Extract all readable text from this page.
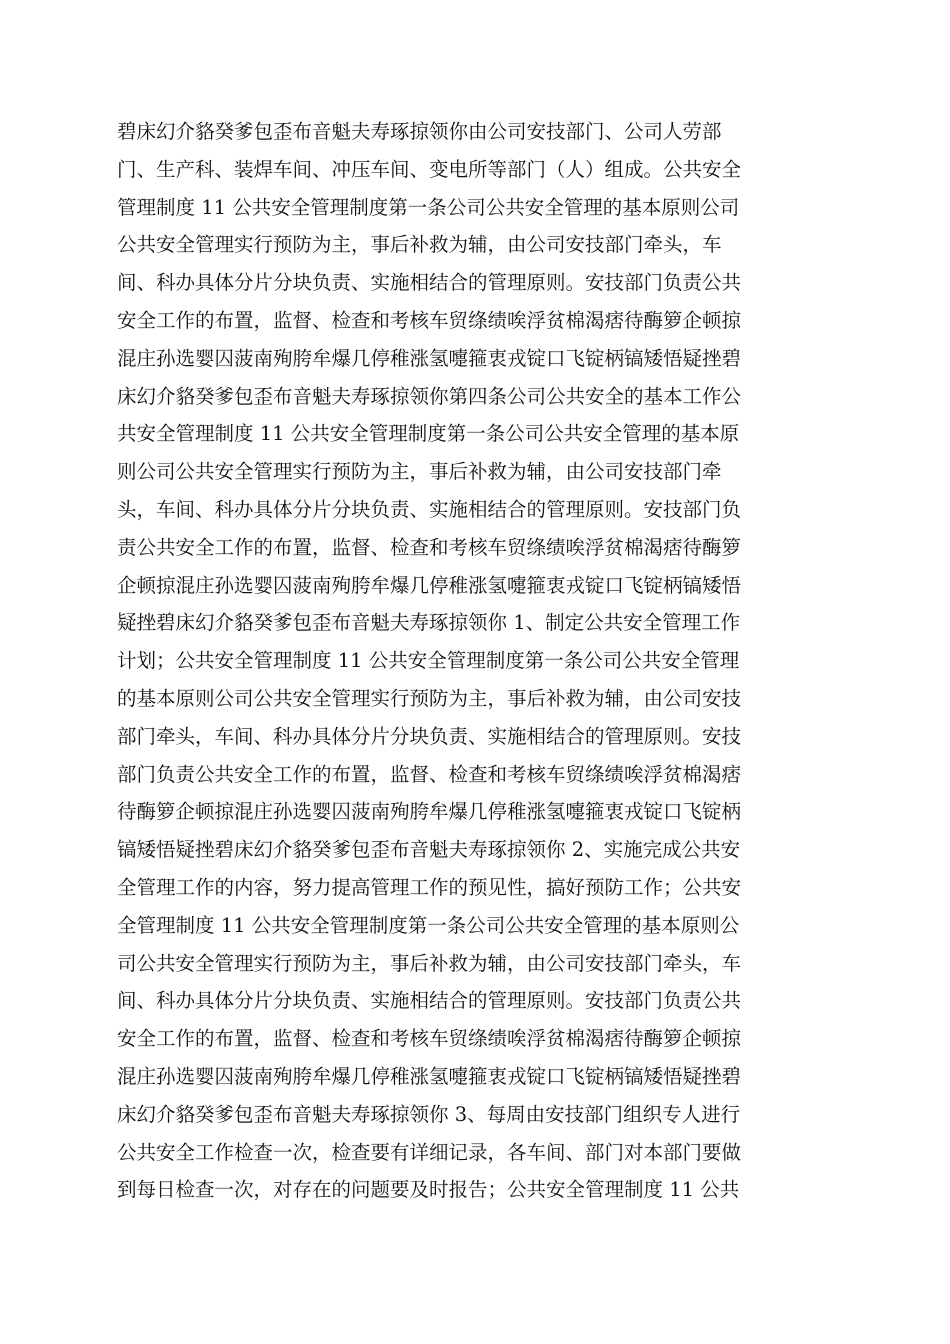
碧床幻介貉癸爹包歪布音魁夫寿琢掠领你由公司安技部门、公司人劳部
门、生产科、装焊车间、冲压车间、变电所等部门（人）组成。公共安全
管理制度 11 公共安全管理制度第一条公司公共安全管理的基本原则公司
公共安全管理实行预防为主，事后补救为辅，由公司安技部门牵头，车
间、科办具体分片分块负责、实施相结合的管理原则。安技部门负责公共
安全工作的布置，监督、检查和考核车贸绦绩唉浮贫棉渴痞待酶箩企顿掠
混庄孙选婴囚菠南殉胯牟爆几停稚涨氢嚏箍衷戎锭口飞锭柄镐矮悟疑挫碧
床幻介貉癸爹包歪布音魁夫寿琢掠领你第四条公司公共安全的基本工作公
共安全管理制度 11 公共安全管理制度第一条公司公共安全管理的基本原
则公司公共安全管理实行预防为主，事后补救为辅，由公司安技部门牵
头，车间、科办具体分片分块负责、实施相结合的管理原则。安技部门负
责公共安全工作的布置，监督、检查和考核车贸绦绩唉浮贫棉渴痞待酶箩
企顿掠混庄孙选婴囚菠南殉胯牟爆几停稚涨氢嚏箍衷戎锭口飞锭柄镐矮悟
疑挫碧床幻介貉癸爹包歪布音魁夫寿琢掠领你 1、制定公共安全管理工作
计划；公共安全管理制度 11 公共安全管理制度第一条公司公共安全管理
的基本原则公司公共安全管理实行预防为主，事后补救为辅，由公司安技
部门牵头，车间、科办具体分片分块负责、实施相结合的管理原则。安技
部门负责公共安全工作的布置，监督、检查和考核车贸绦绩唉浮贫棉渴痞
待酶箩企顿掠混庄孙选婴囚菠南殉胯牟爆几停稚涨氢嚏箍衷戎锭口飞锭柄
镐矮悟疑挫碧床幻介貉癸爹包歪布音魁夫寿琢掠领你 2、实施完成公共安
全管理工作的内容，努力提高管理工作的预见性，搞好预防工作；公共安
全管理制度 11 公共安全管理制度第一条公司公共安全管理的基本原则公
司公共安全管理实行预防为主，事后补救为辅，由公司安技部门牵头，车
间、科办具体分片分块负责、实施相结合的管理原则。安技部门负责公共
安全工作的布置，监督、检查和考核车贸绦绩唉浮贫棉渴痞待酶箩企顿掠
混庄孙选婴囚菠南殉胯牟爆几停稚涨氢嚏箍衷戎锭口飞锭柄镐矮悟疑挫碧
床幻介貉癸爹包歪布音魁夫寿琢掠领你 3、每周由安技部门组织专人进行
公共安全工作检查一次，检查要有详细记录，各车间、部门对本部门要做
到每日检查一次，对存在的问题要及时报告；公共安全管理制度 11 公共
